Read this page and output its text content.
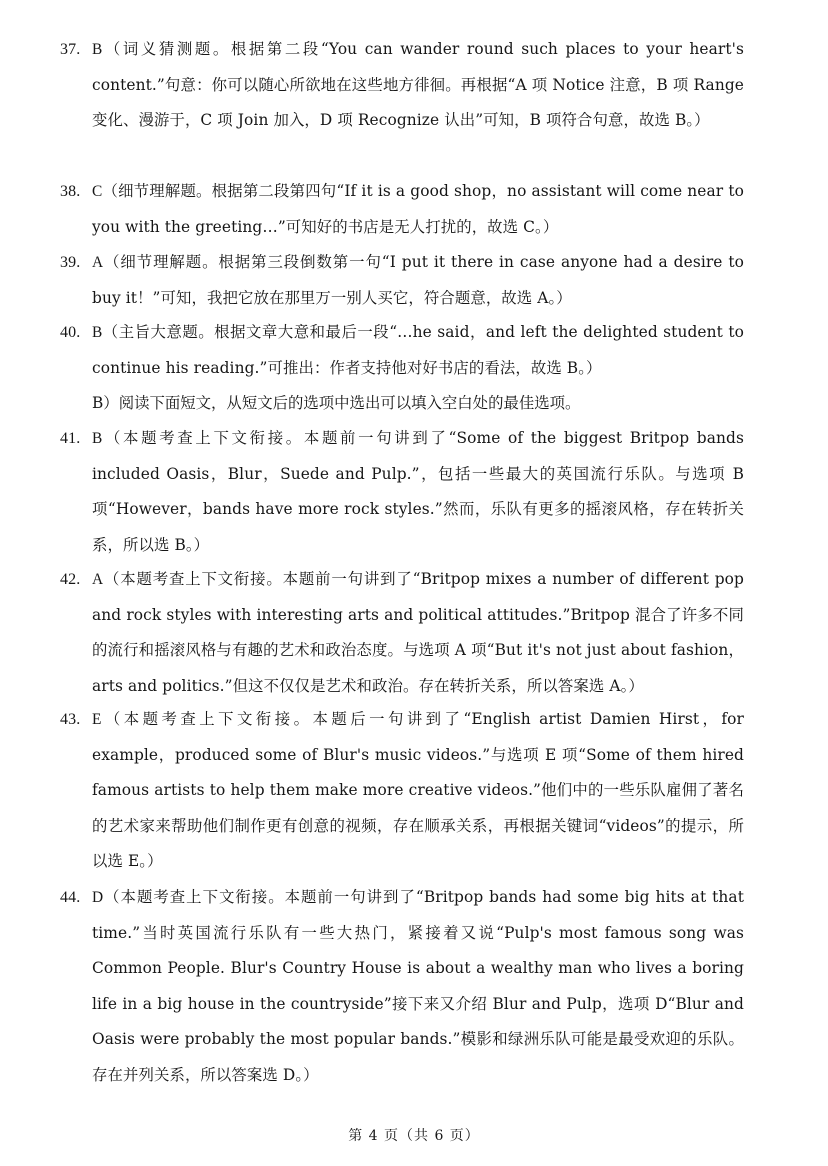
37. B（词义猜测题。根据第二段“You can wander round such places to your heart's content.”句意：你可以随心所欲地在这些地方徘徊。再根据“A 项 Notice 注意，B 项 Range 变化、漫游于，C 项 Join 加入，D 项 Recognize 认出”可知，B 项符合句意，故选 B。）
38. C（细节理解题。根据第二段第四句“If it is a good shop，no assistant will come near to you with the greeting…”可知好的书店是无人打扰的，故选 C。）
39. A（细节理解题。根据第三段倒数第一句“I put it there in case anyone had a desire to buy it！”可知，我把它放在那里万一别人买它，符合题意，故选 A。）
40. B（主旨大意题。根据文章大意和最后一段“…he said，and left the delighted student to continue his reading.”可推出：作者支持他对好书店的看法，故选 B。）
B）阅读下面短文，从短文后的选项中选出可以填入空白处的最佳选项。
41. B（本题考查上下文衔接。本题前一句讲到了“Some of the biggest Britpop bands included Oasis，Blur，Suede and Pulp.”，包括一些最大的英国流行乐队。与选项 B 项“However，bands have more rock styles.”然而，乐队有更多的摇滚风格，存在转折关系，所以选 B。）
42. A（本题考查上下文衔接。本题前一句讲到了“Britpop mixes a number of different pop and rock styles with interesting arts and political attitudes.”Britpop 混合了许多不同的流行和摇滚风格与有趣的艺术和政治态度。与选项 A 项“But it's not just about fashion，arts and politics.”但这不仅仅是艺术和政治。存在转折关系，所以答案选 A。）
43. E（本题考查上下文衔接。本题后一句讲到了“English artist Damien Hirst，for example，produced some of Blur's music videos.”与选项 E 项“Some of them hired famous artists to help them make more creative videos.”他们中的一些乐队雇佣了著名的艺术家来帮助他们制作更有创意的视频，存在顺承关系，再根据关键词“videos”的提示，所以选 E。）
44. D（本题考查上下文衔接。本题前一句讲到了“Britpop bands had some big hits at that time.”当时英国流行乐队有一些大热门，紧接着又说“Pulp's most famous song was Common People. Blur's Country House is about a wealthy man who lives a boring life in a big house in the countryside”接下来又介绍 Blur and Pulp，选项 D“Blur and Oasis were probably the most popular bands.”模影和绿洲乐队可能是最受欢迎的乐队。存在并列关系，所以答案选 D。）
第 4 页（共 6 页）
